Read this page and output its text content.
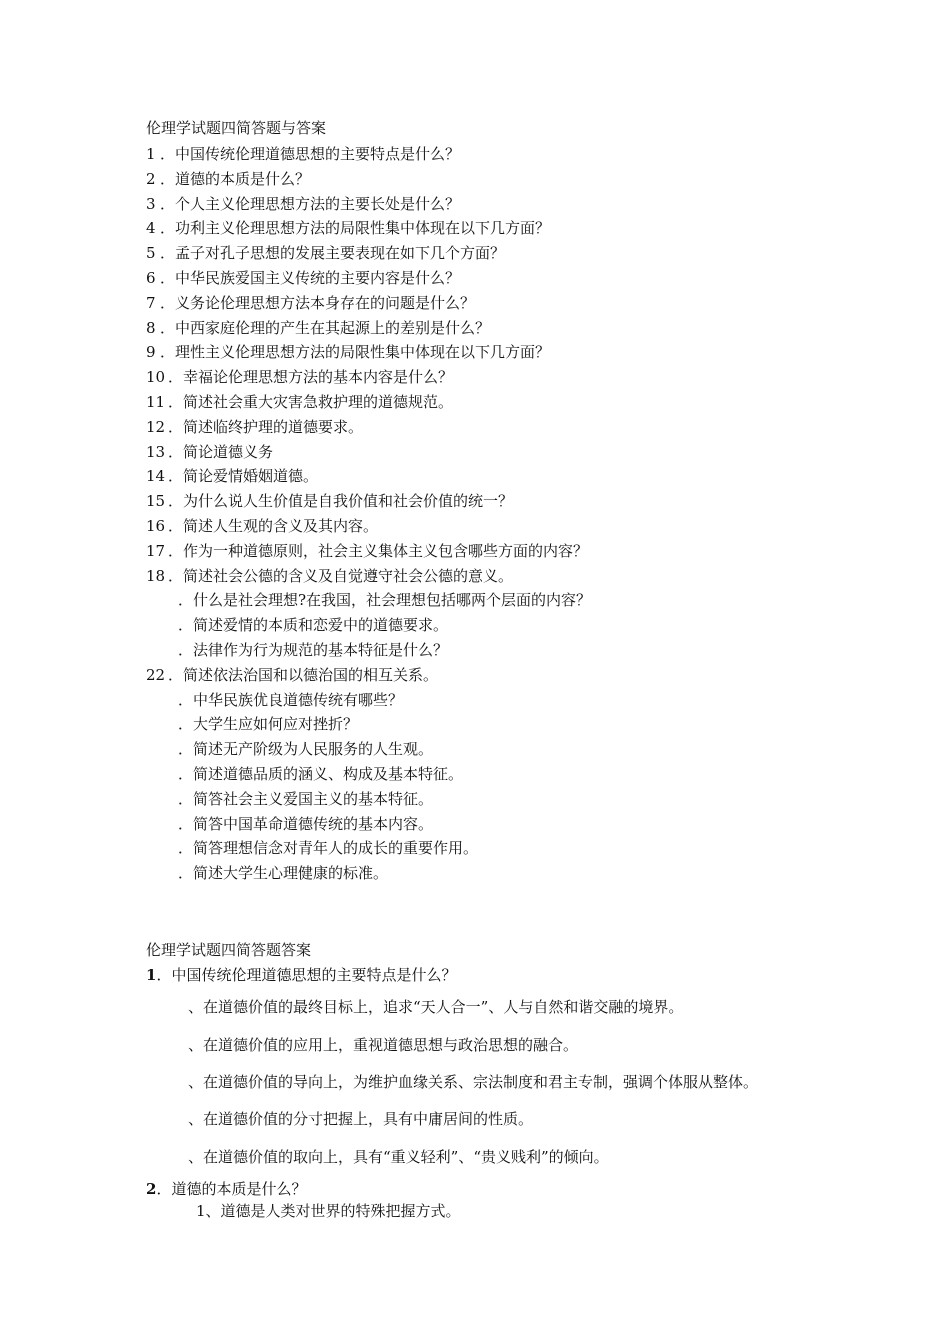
伦理学试题四简答题与答案
1 ．中国传统伦理道德思想的主要特点是什么？
2 ．道德的本质是什么？
3 ．个人主义伦理思想方法的主要长处是什么？
4 ．功利主义伦理思想方法的局限性集中体现在以下几方面？
5 ．孟子对孔子思想的发展主要表现在如下几个方面？
6 ．中华民族爱国主义传统的主要内容是什么？
7 ．义务论伦理思想方法本身存在的问题是什么？
8 ．中西家庭伦理的产生在其起源上的差别是什么？
9 ．理性主义伦理思想方法的局限性集中体现在以下几方面？
10 ．幸福论伦理思想方法的基本内容是什么？
11 ．简述社会重大灾害急救护理的道德规范。
12 ．简述临终护理的道德要求。
13 ．简论道德义务
14 ．简论爱情婚姻道德。
15 ．为什么说人生价值是自我价值和社会价值的统一？
16 ．简述人生观的含义及其内容。
17 ．作为一种道德原则，社会主义集体主义包含哪些方面的内容？
18 ．简述社会公德的含义及自觉遵守社会公德的意义。
．什么是社会理想?在我国，社会理想包括哪两个层面的内容？
．简述爱情的本质和恋爱中的道德要求。
．法律作为行为规范的基本特征是什么？
22 ．简述依法治国和以德治国的相互关系。
．中华民族优良道德传统有哪些？
．大学生应如何应对挫折？
．简述无产阶级为人民服务的人生观。
．简述道德品质的涵义、构成及基本特征。
．简答社会主义爱国主义的基本特征。
．简答中国革命道德传统的基本内容。
．简答理想信念对青年人的成长的重要作用。
．简述大学生心理健康的标准。
伦理学试题四简答题答案
1．中国传统伦理道德思想的主要特点是什么？
、在道德价值的最终目标上，追求“天人合一”、人与自然和谐交融的境界。
、在道德价值的应用上，重视道德思想与政治思想的融合。
、在道德价值的导向上，为维护血缘关系、宗法制度和君主专制，强调个体服从整体。
、在道德价值的分寸把握上，具有中庸居间的性质。
、在道德价值的取向上，具有“重义轻利”、“贵义贱利”的倾向。
2．道德的本质是什么？
1、道德是人类对世界的特殊把握方式。
